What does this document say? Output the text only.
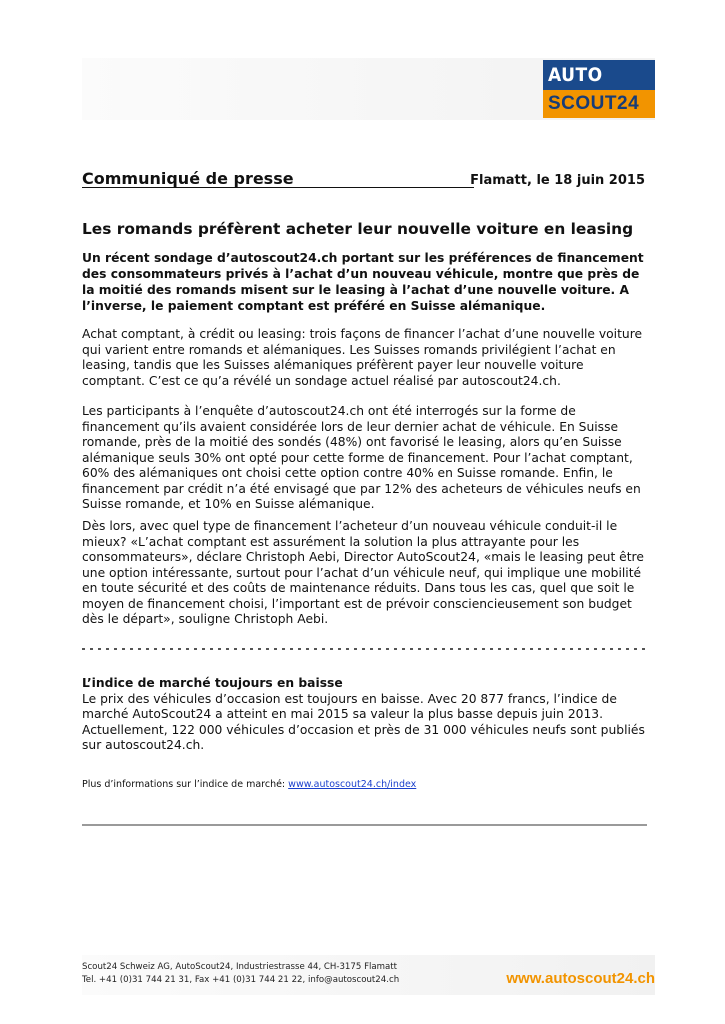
AUTO
SCOUT24
Communiqué de presse	Flamatt, le 18 juin 2015
Les romands préfèrent acheter leur nouvelle voiture en leasing

Un récent sondage d’autoscout24.ch portant sur les préférences de financement des consommateurs privés à l’achat d’un nouveau véhicule, montre que près de la moitié des romands misent sur le leasing à l’achat d’une nouvelle voiture. A l’inverse, le paiement comptant est préféré en Suisse alémanique.

Achat comptant, à crédit ou leasing: trois façons de financer l’achat d’une nouvelle voiture qui varient entre romands et alémaniques. Les Suisses romands privilégient l’achat en leasing, tandis que les Suisses alémaniques préfèrent payer leur nouvelle voiture comptant. C’est ce qu’a révélé un sondage actuel réalisé par autoscout24.ch.

Les participants à l’enquête d’autoscout24.ch ont été interrogés sur la forme de financement qu’ils avaient considérée lors de leur dernier achat de véhicule. En Suisse romande, près de la moitié des sondés (48%) ont favorisé le leasing, alors qu’en Suisse alémanique seuls 30% ont opté pour cette forme de financement. Pour l’achat comptant, 60% des alémaniques ont choisi cette option contre 40% en Suisse romande. Enfin, le financement par crédit n’a été envisagé que par 12% des acheteurs de véhicules neufs en Suisse romande, et 10% en Suisse alémanique.

Dès lors, avec quel type de financement l’acheteur d’un nouveau véhicule conduit-il le mieux? «L’achat comptant est assurément la solution la plus attrayante pour les consommateurs», déclare Christoph Aebi, Director AutoScout24, «mais le leasing peut être une option intéressante, surtout pour l’achat d’un véhicule neuf, qui implique une mobilité en toute sécurité et des coûts de maintenance réduits. Dans tous les cas, quel que soit le moyen de financement choisi, l’important est de prévoir consciencieusement son budget dès le départ», souligne Christoph Aebi.

L’indice de marché toujours en baisse

Le prix des véhicules d’occasion est toujours en baisse. Avec 20 877 francs, l’indice de marché AutoScout24 a atteint en mai 2015 sa valeur la plus basse depuis juin 2013. Actuellement, 122 000 véhicules d’occasion et près de 31 000 véhicules neufs sont publiés sur autoscout24.ch.

Plus d’informations sur l’indice de marché: www.autoscout24.ch/index

Scout24 Schweiz AG, AutoScout24, Industriestrasse 44, CH-3175 Flamatt
Tel. +41 (0)31 744 21 31, Fax +41 (0)31 744 21 22, info@autoscout24.ch	www.autoscout24.ch
